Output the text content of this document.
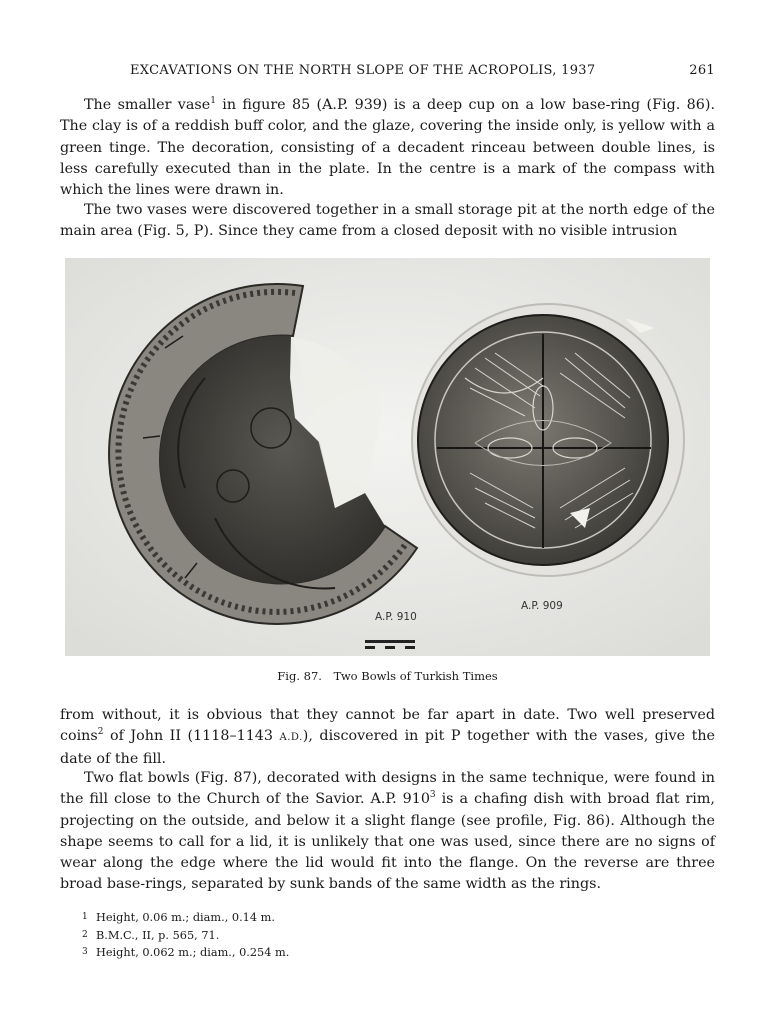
EXCAVATIONS ON THE NORTH SLOPE OF THE ACROPOLIS, 1937	261

The smaller vase$^1$ in figure 85 (A.P. 939) is a deep cup on a low base-ring (Fig. 86). The clay is of a reddish buff color, and the glaze, covering the inside only, is yellow with a green tinge. The decoration, consisting of a decadent rinceau between double lines, is less carefully executed than in the plate. In the centre is a mark of the compass with which the lines were drawn in.

The two vases were discovered together in a small storage pit at the north edge of the main area (Fig. 5, P). Since they came from a closed deposit with no visible intrusion

A.P. 910
A.P. 909
Fig. 87. Two Bowls of Turkish Times

from without, it is obvious that they cannot be far apart in date. Two well preserved coins$^2$ of John II (1118–1143 A.D.), discovered in pit P together with the vases, give the date of the fill.

Two flat bowls (Fig. 87), decorated with designs in the same technique, were found in the fill close to the Church of the Savior. A.P. $910^3$ is a chafing dish with broad flat rim, projecting on the outside, and below it a slight flange (see profile, Fig. 86). Although the shape seems to call for a lid, it is unlikely that one was used, since there are no signs of wear along the edge where the lid would fit into the flange. On the reverse are three broad base-rings, separated by sunk bands of the same width as the rings.

1 Height, 0.06 m.; diam., 0.14 m.
2 B.M.C., II, p. 565, 71.
3 Height, 0.062 m.; diam., 0.254 m.
